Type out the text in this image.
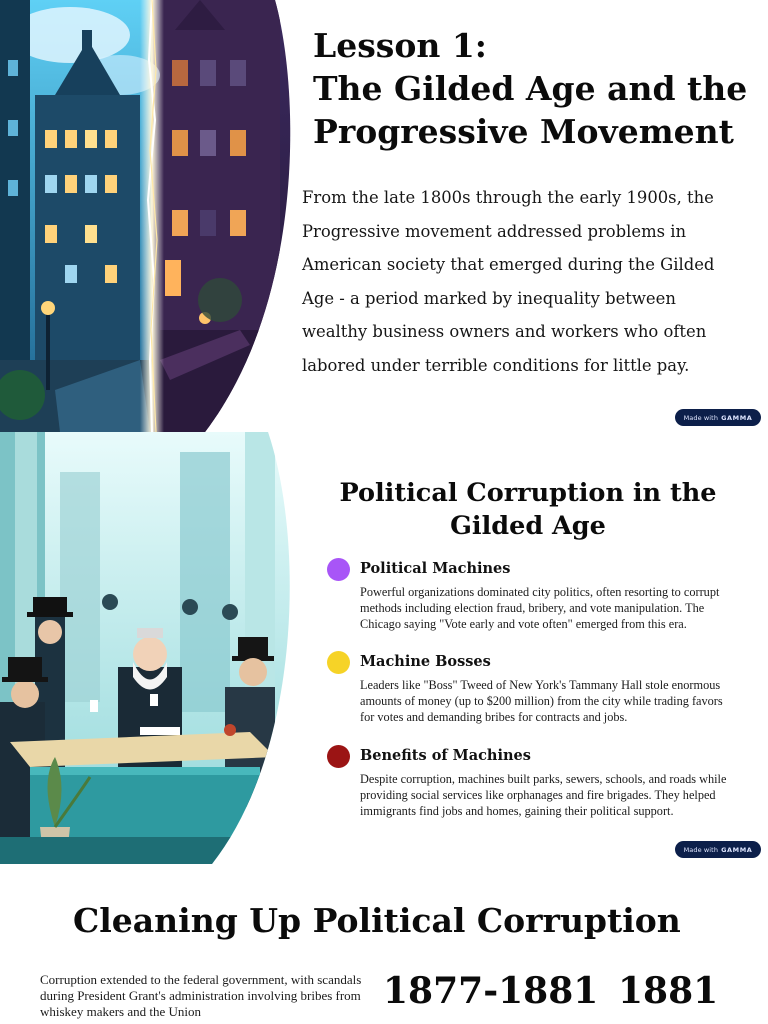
Lesson 1:
The Gilded Age and the
Progressive Movement

From the late 1800s through the early 1900s, the Progressive movement addressed problems in American society that emerged during the Gilded Age - a period marked by inequality between wealthy business owners and workers who often labored under terrible conditions for little pay.

Made with GAMMA
Political Corruption in the Gilded Age
Political Machines
Powerful organizations dominated city politics, often resorting to corrupt methods including election fraud, bribery, and vote manipulation. The Chicago saying "Vote early and vote often" emerged from this era.
Machine Bosses
Leaders like "Boss" Tweed of New York's Tammany Hall stole enormous amounts of money (up to $200 million) from the city while trading favors for votes and demanding bribes for contracts and jobs.
Benefits of Machines
Despite corruption, machines built parks, sewers, schools, and roads while providing social services like orphanages and fire brigades. They helped immigrants find jobs and homes, gaining their political support.
Made with GAMMA
Cleaning Up Political Corruption

Corruption extended to the federal government, with scandals during President Grant's administration involving bribes from whiskey makers and the Union	1877-1881 1881
